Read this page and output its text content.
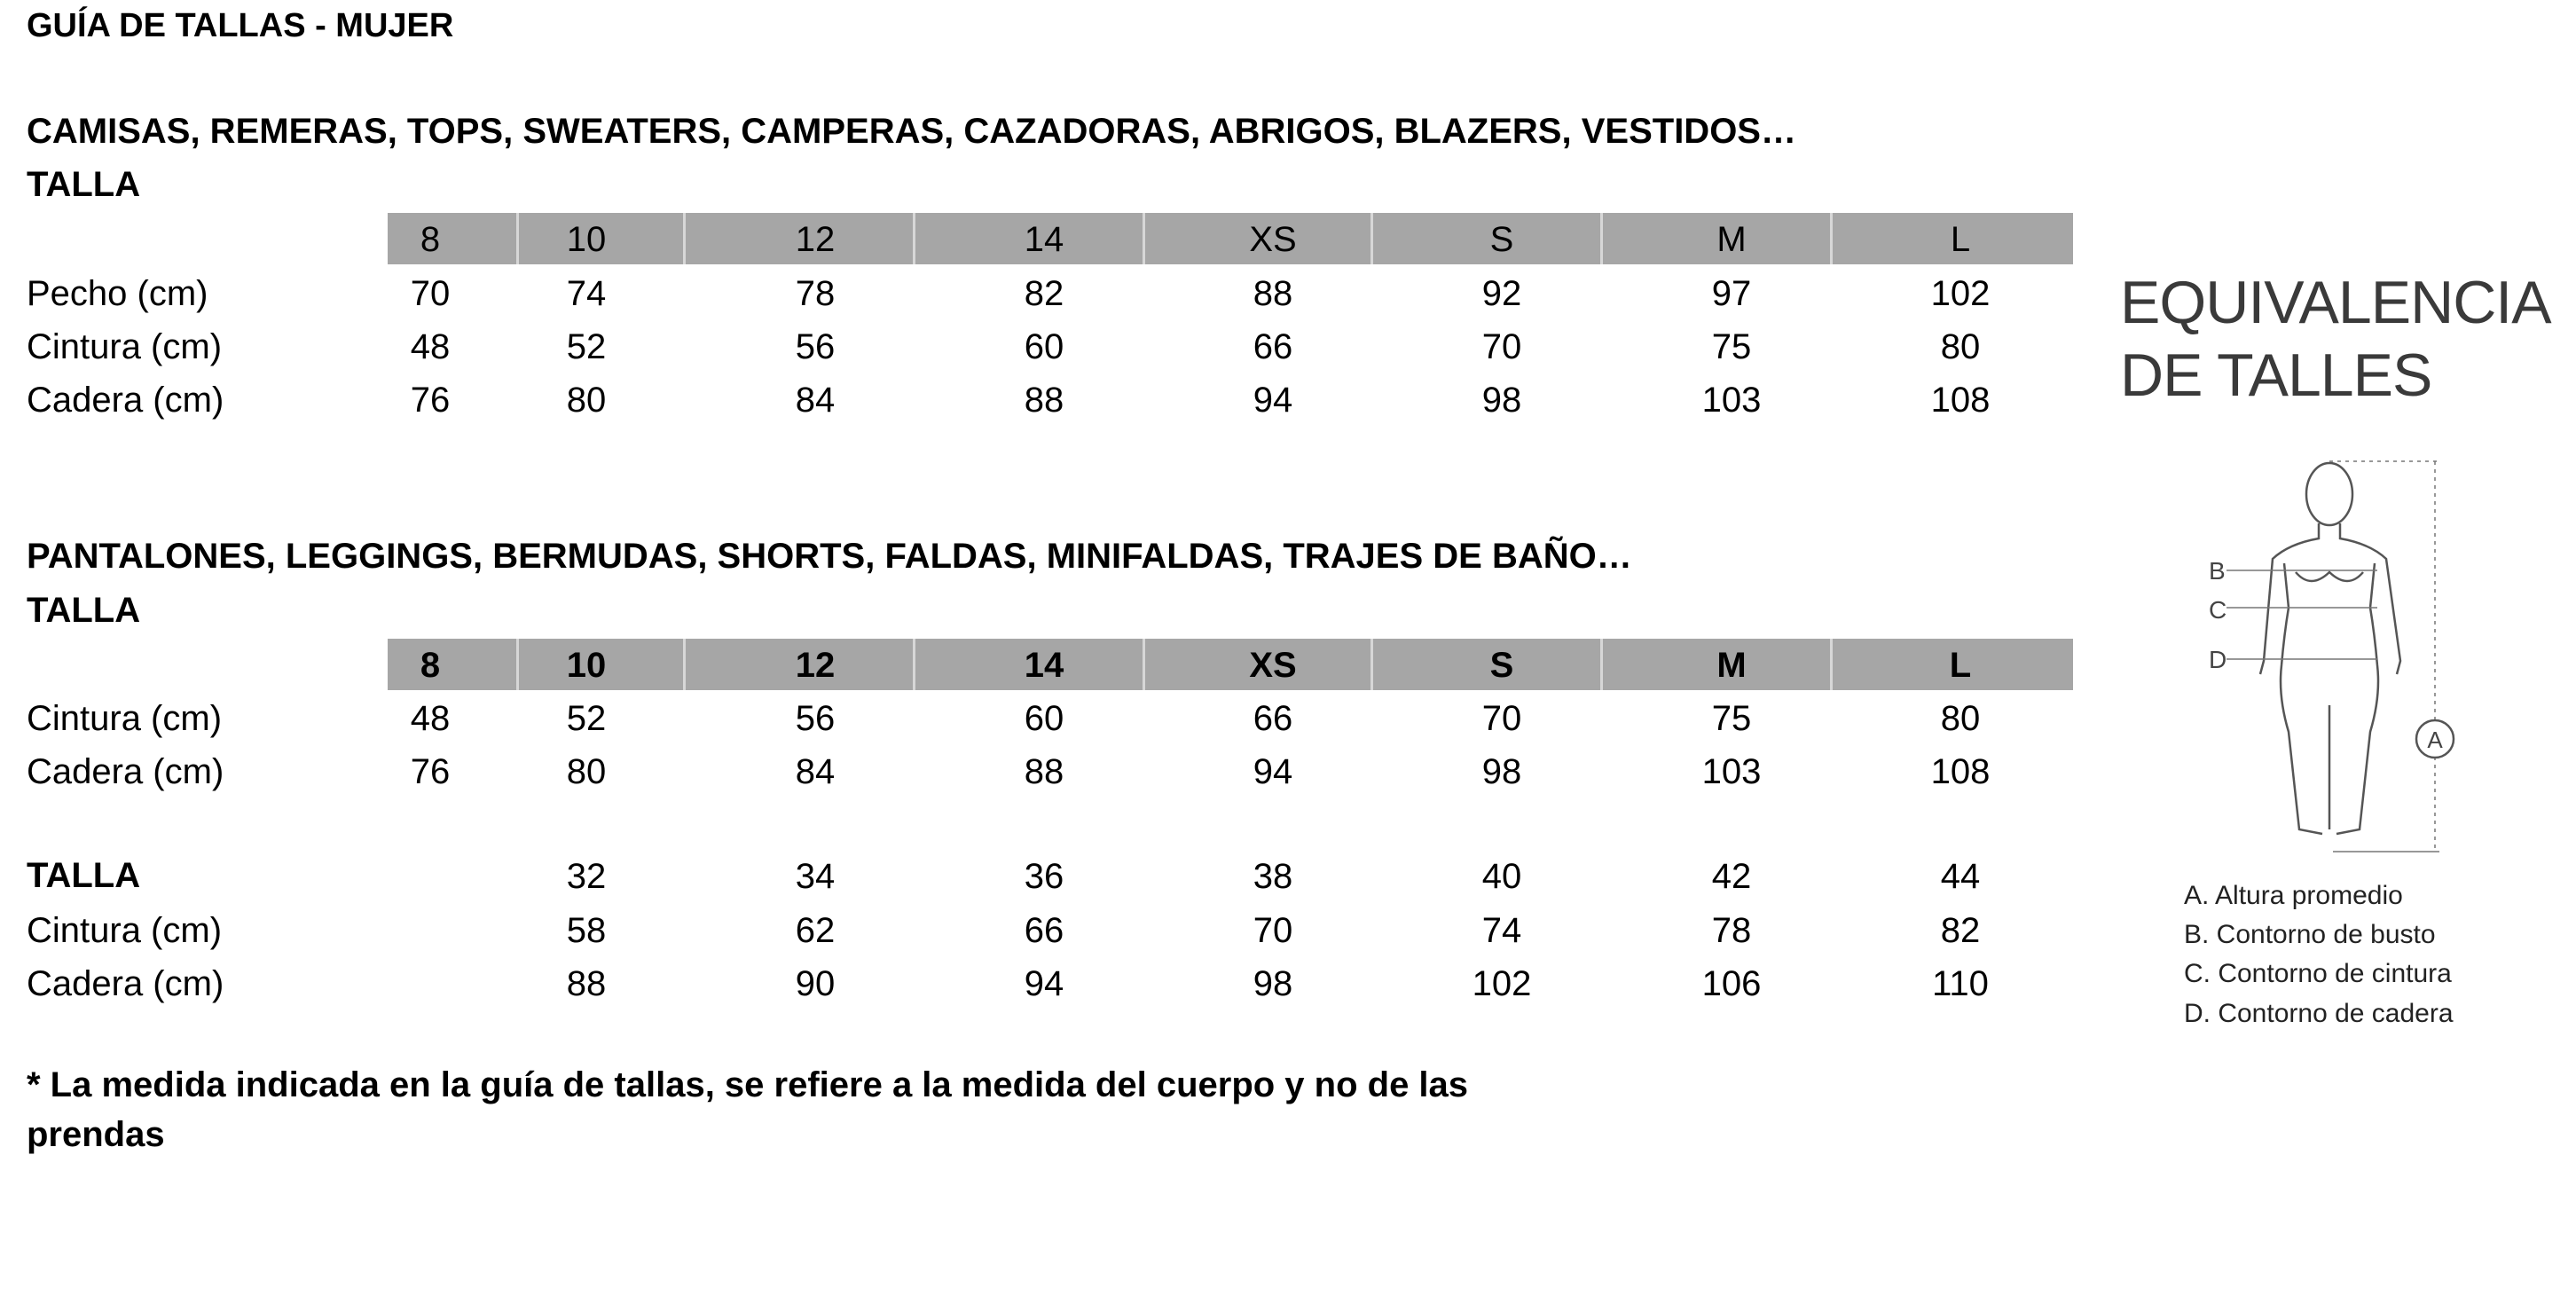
GUÍA DE TALLAS - MUJER
CAMISAS, REMERAS, TOPS, SWEATERS, CAMPERAS, CAZADORAS, ABRIGOS, BLAZERS, VESTIDOS…
TALLA
8	10	12	14	XS	S	M	L
Pecho (cm)	70	74	78	82	88	92	97	102
Cintura (cm)	48	52	56	60	66	70	75	80
Cadera (cm)	76	80	84	88	94	98	103	108
PANTALONES, LEGGINGS, BERMUDAS, SHORTS, FALDAS, MINIFALDAS, TRAJES DE BAÑO…
TALLA
8	10	12	14	XS	S	M	L
Cintura (cm)	48	52	56	60	66	70	75	80
Cadera (cm)	76	80	84	88	94	98	103	108
TALLA	32	34	36	38	40	42	44
Cintura (cm)	58	62	66	70	74	78	82
Cadera (cm)	88	90	94	98	102	106	110
* La medida indicada en la guía de tallas, se refiere a la medida del cuerpo y no de las prendas
EQUIVALENCIA
DE TALLES
B
C
D
A
A. Altura promedio
B. Contorno de busto
C. Contorno de cintura
D. Contorno de cadera
